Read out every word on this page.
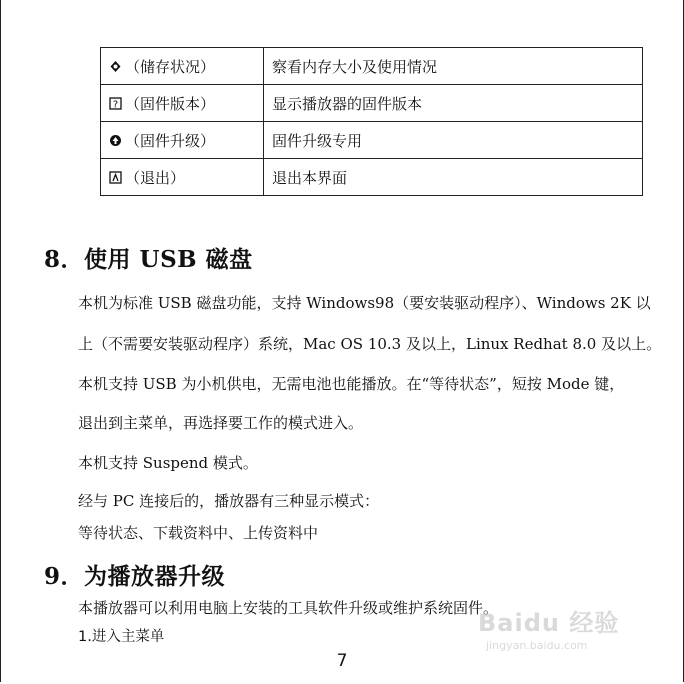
（储存状况）	察看内存大小及使用情况

? （固件版本）	显示播放器的固件版本
（固件升级）	固件升级专用
（退出）	退出本界面
8．使用 USB 磁盘
本机为标准 USB 磁盘功能，支持 Windows98（要安装驱动程序）、Windows 2K 以
上（不需要安装驱动程序）系统，Mac OS 10.3 及以上，Linux Redhat 8.0 及以上。
本机支持 USB 为小机供电，无需电池也能播放。在“等待状态”，短按 Mode 键，
退出到主菜单，再选择要工作的模式进入。
本机支持 Suspend 模式。
经与 PC 连接后的，播放器有三种显示模式：
等待状态、下载资料中、上传资料中
9．为播放器升级
本播放器可以利用电脑上安装的工具软件升级或维护系统固件。
1.进入主菜单
7
Baidu 经验
jingyan.baidu.com
